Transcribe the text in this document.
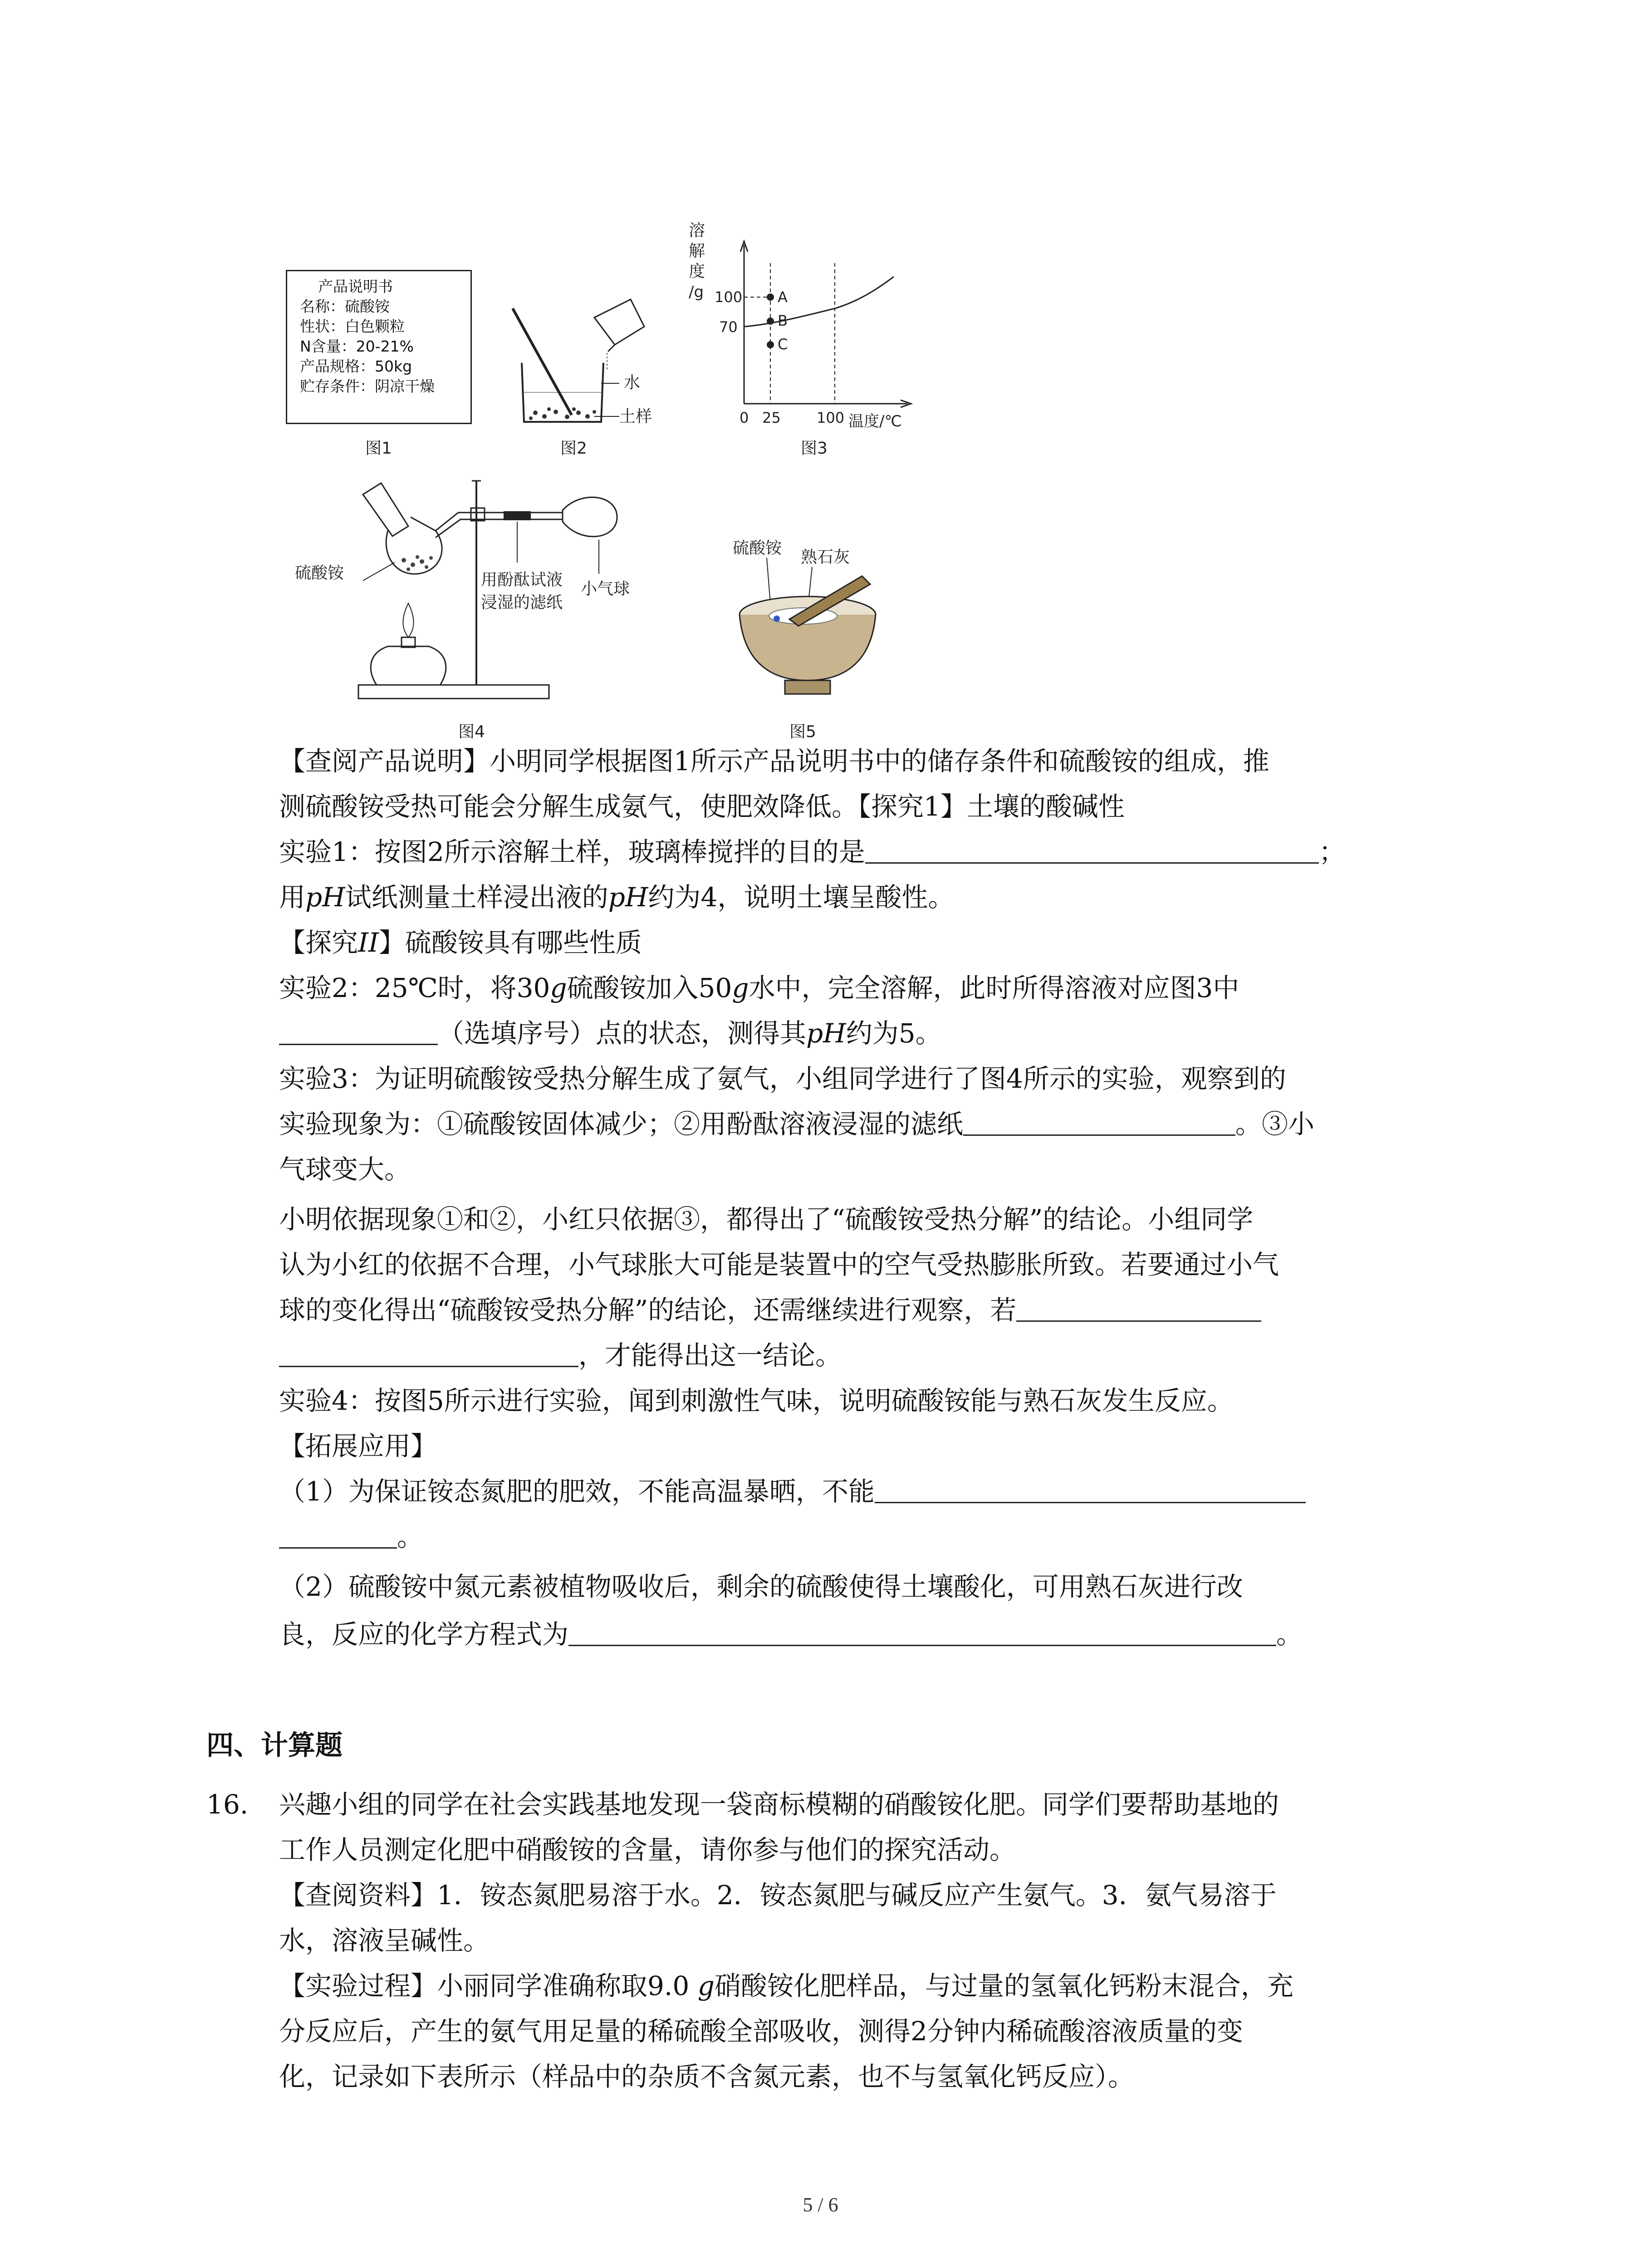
产品说明书
名称：硫酸铵
性状：白色颗粒
N含量：20-21%
产品规格：50kg
贮存条件：阴凉干燥
图1
水
土样
图2
溶
解
度
/g 100
70
0 25 100 温度/℃
A
B
C
图3
硫酸铵	用酚酞试液
浸湿的滤纸
小气球
图4
硫酸铵 熟石灰
图5
【查阅产品说明】小明同学根据图1所示产品说明书中的储存条件和硫酸铵的组成，推
测硫酸铵受热可能会分解生成氨气，使肥效降低。【探究1】土壤的酸碱性
实验1：按图2所示溶解土样，玻璃棒搅拌的目的是	；
用pH试纸测量土样浸出液的pH约为4，说明土壤呈酸性。
【探究II】硫酸铵具有哪些性质
实验2：25℃时，将30g硫酸铵加入50g水中，完全溶解，此时所得溶液对应图3中
（选填序号）点的状态，测得其pH约为5。
实验3：为证明硫酸铵受热分解生成了氨气，小组同学进行了图4所示的实验，观察到的
实验现象为：①硫酸铵固体减少；②用酚酞溶液浸湿的滤纸	。③小
气球变大。
小明依据现象①和②，小红只依据③，都得出了“硫酸铵受热分解”的结论。小组同学
认为小红的依据不合理，小气球胀大可能是装置中的空气受热膨胀所致。若要通过小气
球的变化得出“硫酸铵受热分解”的结论，还需继续进行观察，若
，才能得出这一结论。
实验4：按图5所示进行实验，闻到刺激性气味，说明硫酸铵能与熟石灰发生反应。
【拓展应用】
（1）为保证铵态氮肥的肥效，不能高温暴晒，不能
。
（2）硫酸铵中氮元素被植物吸收后，剩余的硫酸使得土壤酸化，可用熟石灰进行改
良，反应的化学方程式为	。
四、计算题
16.	兴趣小组的同学在社会实践基地发现一袋商标模糊的硝酸铵化肥。同学们要帮助基地的
工作人员测定化肥中硝酸铵的含量，请你参与他们的探究活动。
【查阅资料】1．铵态氮肥易溶于水。2．铵态氮肥与碱反应产生氨气。3．氨气易溶于
水，溶液呈碱性。
【实验过程】小丽同学准确称取9.0 g硝酸铵化肥样品，与过量的氢氧化钙粉末混合，充
分反应后，产生的氨气用足量的稀硫酸全部吸收，测得2分钟内稀硫酸溶液质量的变
化，记录如下表所示（样品中的杂质不含氮元素，也不与氢氧化钙反应）。
5 / 6
